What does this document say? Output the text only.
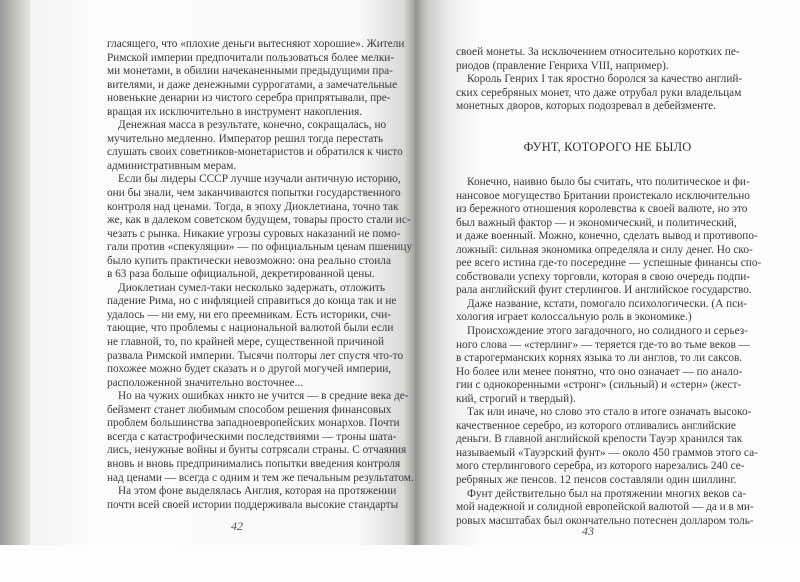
гласящего, что «плохие деньги вытесняют хорошие». Жители
Римской империи предпочитали пользоваться более мелки-
ми монетами, в обилии начеканенными предыдущими пра-
вителями, и даже денежными суррогатами, а замечательные
новенькие денарии из чистого серебра припрятывали, пре-
вращая их исключительно в инструмент накопления.
Денежная масса в результате, конечно, сокращалась, но
мучительно медленно. Император решил тогда перестать
слушать своих советников-монетаристов и обратился к чисто
административным мерам.
Если бы лидеры СССР лучше изучали античную историю,
они бы знали, чем заканчиваются попытки государственного
контроля над ценами. Тогда, в эпоху Диоклетиана, точно так
же, как в далеком советском будущем, товары просто стали ис-
чезать с рынка. Никакие угрозы суровых наказаний не помо-
гали против «спекуляции» — по официальным ценам пшеницу
было купить практически невозможно: она реально стоила
в 63 раза больше официальной, декретированной цены.
Диоклетиан сумел-таки несколько задержать, отложить
падение Рима, но с инфляцией справиться до конца так и не
удалось — ни ему, ни его преемникам. Есть историки, счи-
тающие, что проблемы с национальной валютой были если
не главной, то, по крайней мере, существенной причиной
развала Римской империи. Тысячи полторы лет спустя что-то
похожее можно будет сказать и о другой могучей империи,
расположенной значительно восточнее...
Но на чужих ошибках никто не учится — в средние века де-
бейзмент станет любимым способом решения финансовых
проблем большинства западноевропейских монархов. Почти
всегда с катастрофическими последствиями — троны шата-
лись, ненужные войны и бунты сотрясали страны. С отчаяния
вновь и вновь предпринимались попытки введения контроля
над ценами — всегда с одним и тем же печальным результатом.
На этом фоне выделялась Англия, которая на протяжении
почти всей своей истории поддерживала высокие стандарты
42
своей монеты. За исключением относительно коротких пе-
риодов (правление Генриха VIII, например).
Король Генрих I так яростно боролся за качество англий-
ских серебряных монет, что даже отрубал руки владельцам
монетных дворов, которых подозревал в дебейзменте.
ФУНТ, КОТОРОГО НЕ БЫЛО
Конечно, наивно было бы считать, что политическое и фи-
нансовое могущество Британии проистекало исключительно
из бережного отношения королевства к своей валюте, но это
был важный фактор — и экономический, и политический,
и даже военный. Можно, конечно, сделать вывод и противопо-
ложный: сильная экономика определяла и силу денег. Но ско-
рее всего истина где-то посередине — успешные финансы спо-
собствовали успеху торговли, которая в свою очередь подпи-
рала английский фунт стерлингов. И английское государство.
Даже название, кстати, помогало психологически. (А пси-
хология играет колоссальную роль в экономике.)
Происхождение этого загадочного, но солидного и серьез-
ного слова — «стерлинг» — теряется где-то во тьме веков —
в старогерманских корнях языка то ли англов, то ли саксов.
Но более или менее понятно, что оно означает — по анало-
гии с однокоренными «стронг» (сильный) и «стерн» (жест-
кий, строгий и твердый).
Так или иначе, но слово это стало в итоге означать высоко-
качественное серебро, из которого отливались английские
деньги. В главной английской крепости Тауэр хранился так
называемый «Тауэрский фунт» — около 450 граммов этого са-
мого стерлингового серебра, из которого нарезались 240 се-
ребряных же пенсов. 12 пенсов составляли один шиллинг.
Фунт действительно был на протяжении многих веков са-
мой надежной и солидной европейской валютой — да и в ми-
ровых масштабах был окончательно потеснен долларом толь-
43
